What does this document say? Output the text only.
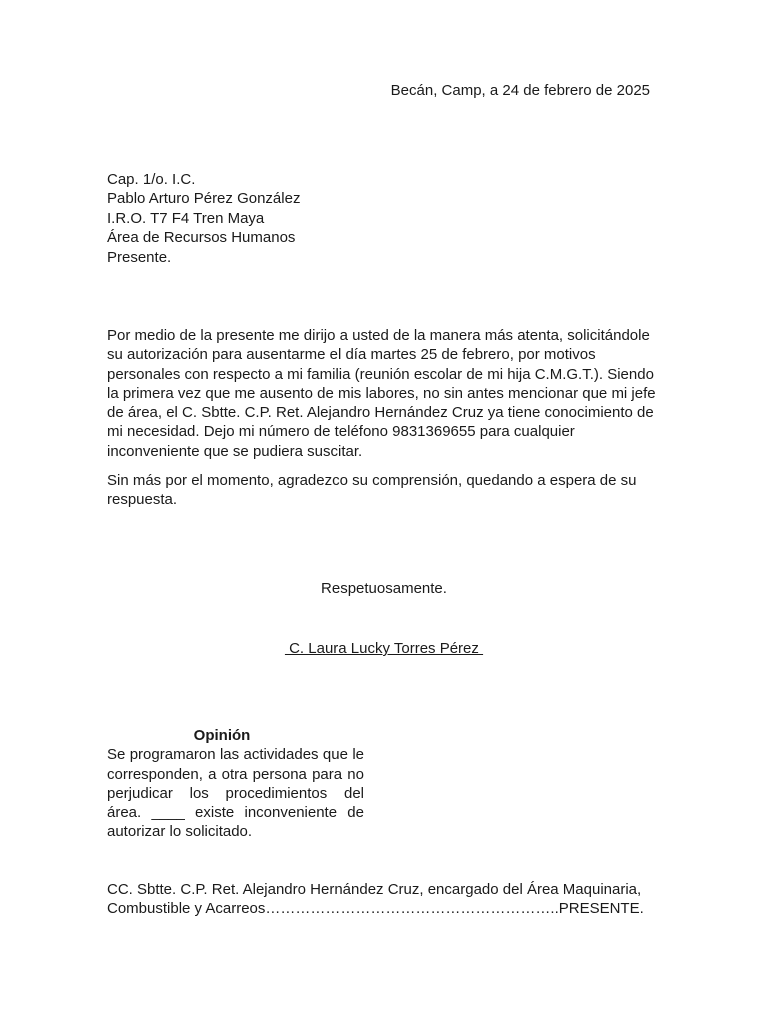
Becán, Camp, a 24 de febrero de 2025
Cap. 1/o. I.C.
Pablo Arturo Pérez González
I.R.O. T7 F4 Tren Maya
Área de Recursos Humanos
Presente.

Por medio de la presente me dirijo a usted de la manera más atenta, solicitándole su autorización para ausentarme el día martes 25 de febrero, por motivos personales con respecto a mi familia (reunión escolar de mi hija C.M.G.T.). Siendo la primera vez que me ausento de mis labores, no sin antes mencionar que mi jefe de área, el C. Sbtte. C.P. Ret. Alejandro Hernández Cruz ya tiene conocimiento de mi necesidad. Dejo mi número de teléfono 9831369655 para cualquier inconveniente que se pudiera suscitar.

Sin más por el momento, agradezco su comprensión, quedando a espera de su respuesta.

Respetuosamente.
C. Laura Lucky Torres Pérez
Opinión
Se programaron las actividades que le corresponden, a otra persona para no perjudicar los procedimientos del área. ____ existe inconveniente de autorizar lo solicitado.
CC. Sbtte. C.P. Ret. Alejandro Hernández Cruz, encargado del Área Maquinaria, Combustible y Acarreos…………………………………………………..PRESENTE.
